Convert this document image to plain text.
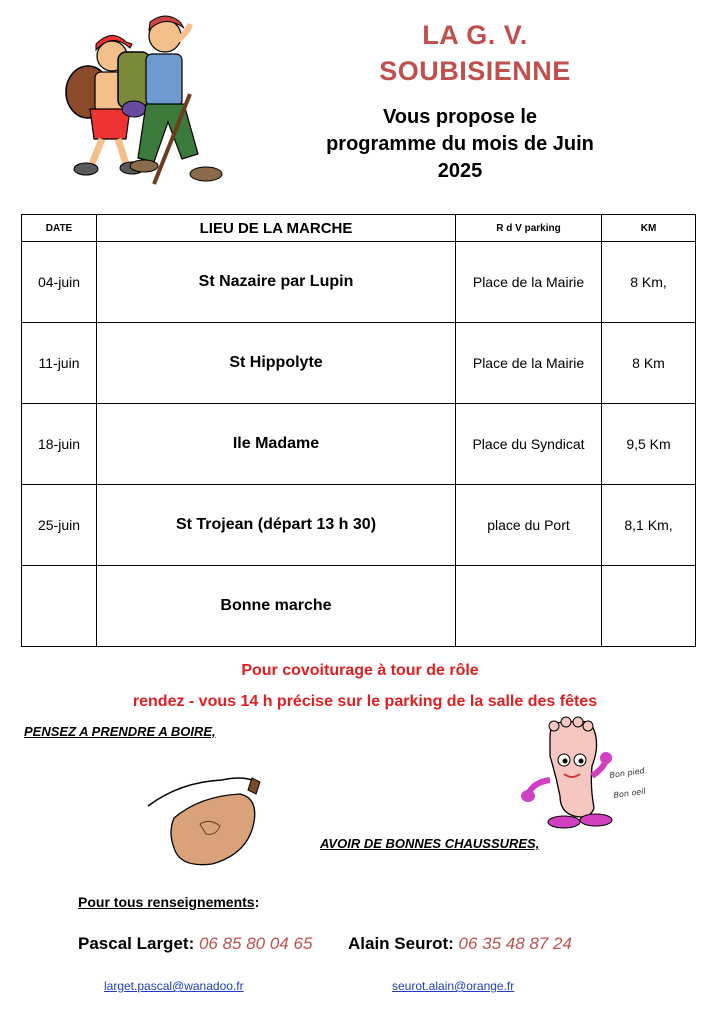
LA G. V.
SOUBISIENNE
Vous propose le
programme du mois de Juin
2025
DATE	LIEU DE LA MARCHE	R d V parking	KM
04-juin	St Nazaire par Lupin	Place de la Mairie	8 Km,
11-juin	St Hippolyte	Place de la Mairie	8 Km
18-juin	Ile Madame	Place du Syndicat	9,5 Km
25-juin	St Trojean (départ 13 h 30)	place du Port	8,1 Km,
	Bonne marche		
Pour covoiturage à tour de rôle
rendez - vous 14 h précise sur le parking de la salle des fêtes
PENSEZ A PRENDRE A BOIRE,
Bon pied
Bon oeil
AVOIR DE BONNES CHAUSSURES,
Pour tous renseignements:
Pascal Larget: 06 85 80 04 65 Alain Seurot: 06 35 48 87 24
larget.pascal@wanadoo.fr	seurot.alain@orange.fr
